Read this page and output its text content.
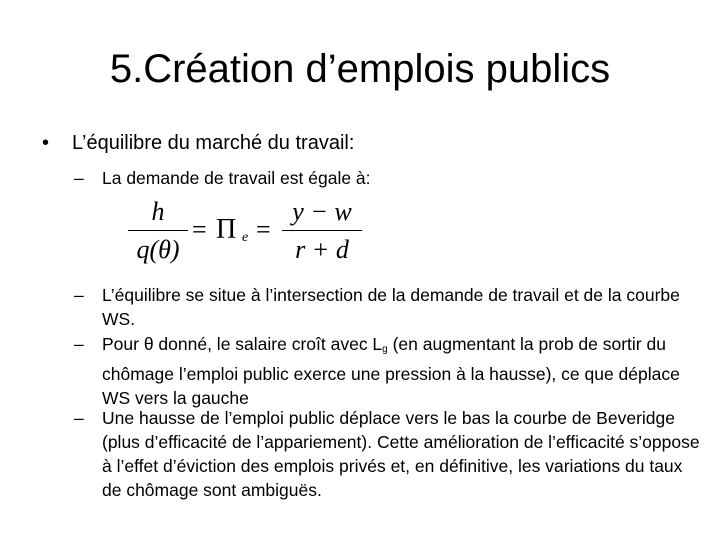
5.Création d’emplois publics
• L’équilibre du marché du travail:
–	La demande de travail est égale à:
h
q(θ)
= Π e =
y − w
r + d
–	L’équilibre se situe à l’intersection de la demande de travail et de la courbe WS.
–	Pour θ donné, le salaire croît avec Lg (en augmentant la prob de sortir du chômage l’emploi public exerce une pression à la hausse), ce que déplace WS vers la gauche
–	Une hausse de l’emploi public déplace vers le bas la courbe de Beveridge (plus d’efficacité de l’appariement). Cette amélioration de l’efficacité s’oppose à l’effet d’éviction des emplois privés et, en définitive, les variations du taux de chômage sont ambiguës.
